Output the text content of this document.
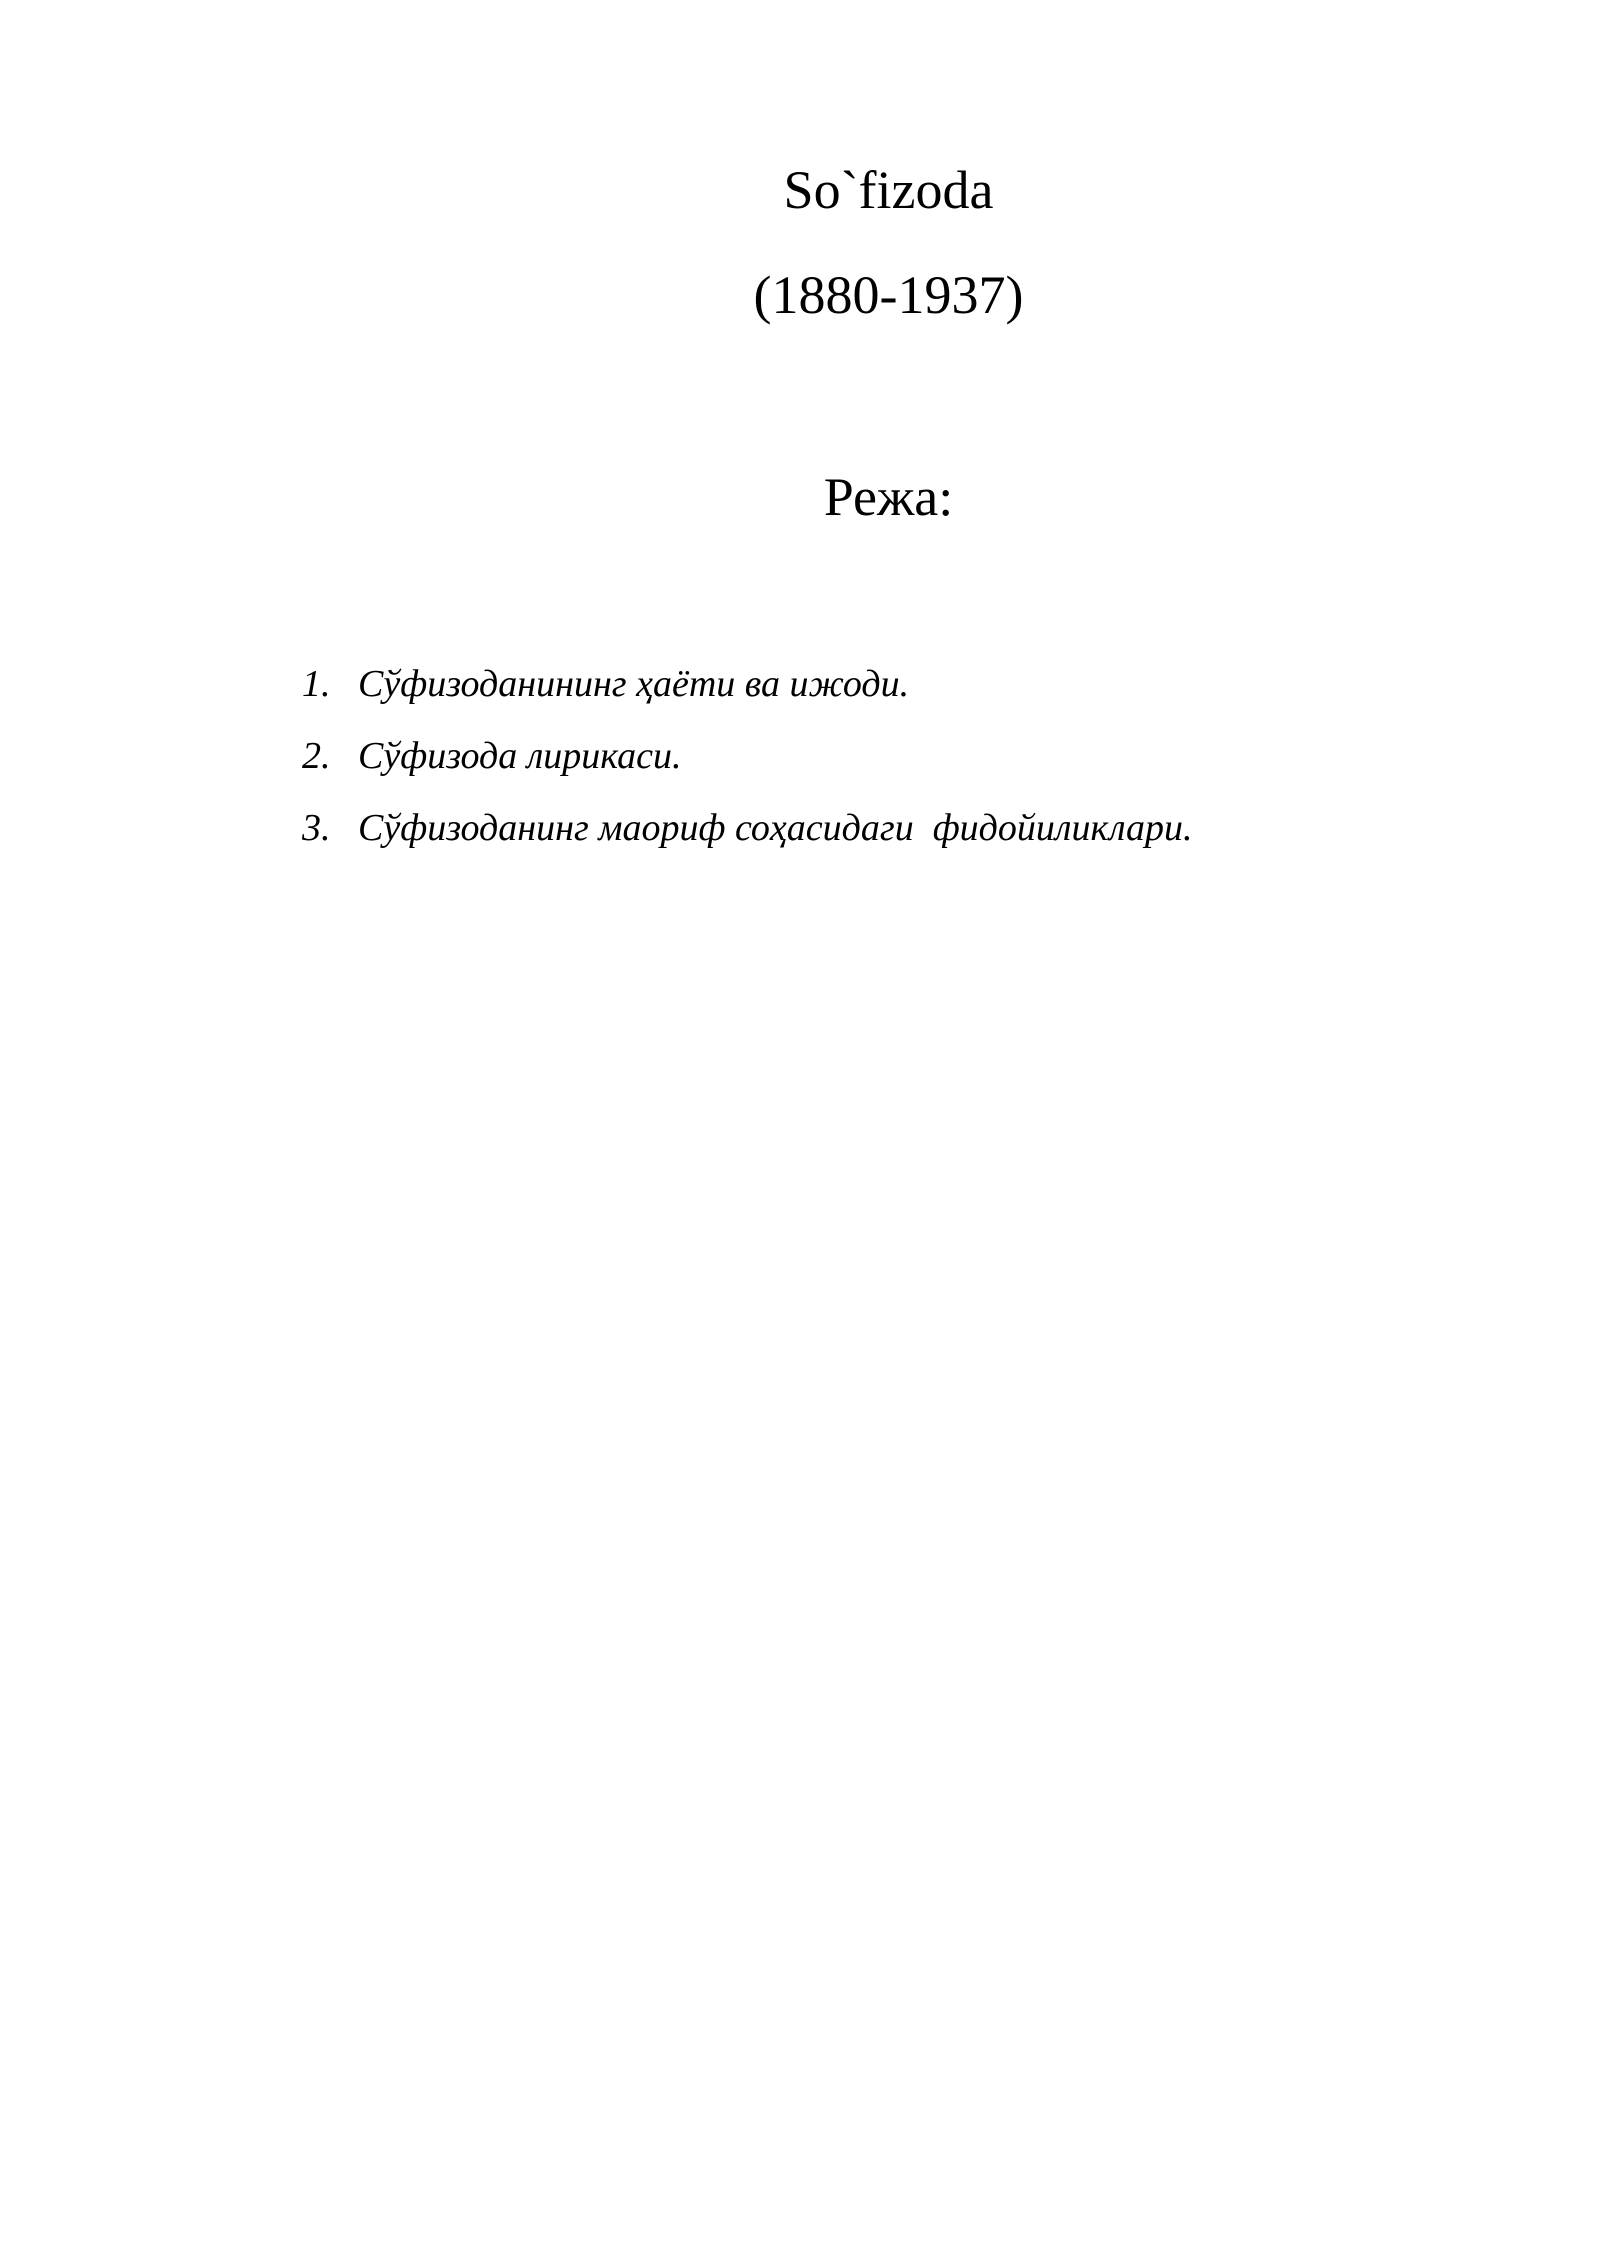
So`fizoda
(1880-1937)
Режа:
1. Сўфизоданининг ҳаёти ва ижоди.
2. Сўфизода лирикаси.
3. Сўфизоданинг маориф соҳасидаги  фидойиликлари.
